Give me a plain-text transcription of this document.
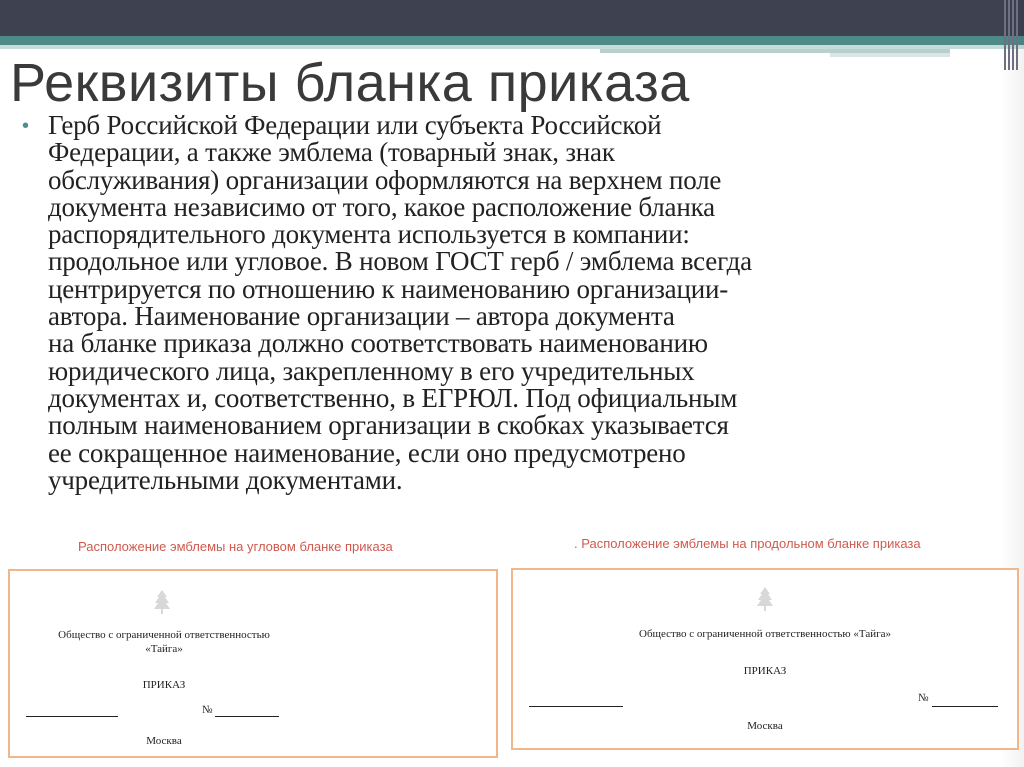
Реквизиты бланка приказа
• Герб Российской Федерации или субъекта Российской
Федерации, а также эмблема (товарный знак, знак
обслуживания) организации оформляются на верхнем поле
документа независимо от того, какое расположение бланка
распорядительного документа используется в компании:
продольное или угловое. В новом ГОСТ герб / эмблема всегда
центрируется по отношению к наименованию организации-
автора. Наименование организации – автора документа
на бланке приказа должно соответствовать наименованию
юридического лица, закрепленному в его учредительных
документах и, соответственно, в ЕГРЮЛ. Под официальным
полным наименованием организации в скобках указывается
ее сокращенное наименование, если оно предусмотрено
учредительными документами.
Расположение эмблемы на угловом бланке приказа
Общество с ограниченной ответственностью
«Тайга»
ПРИКАЗ
№
Москва
. Расположение эмблемы на продольном бланке приказа
Общество с ограниченной ответственностью «Тайга»
ПРИКАЗ
№
Москва
